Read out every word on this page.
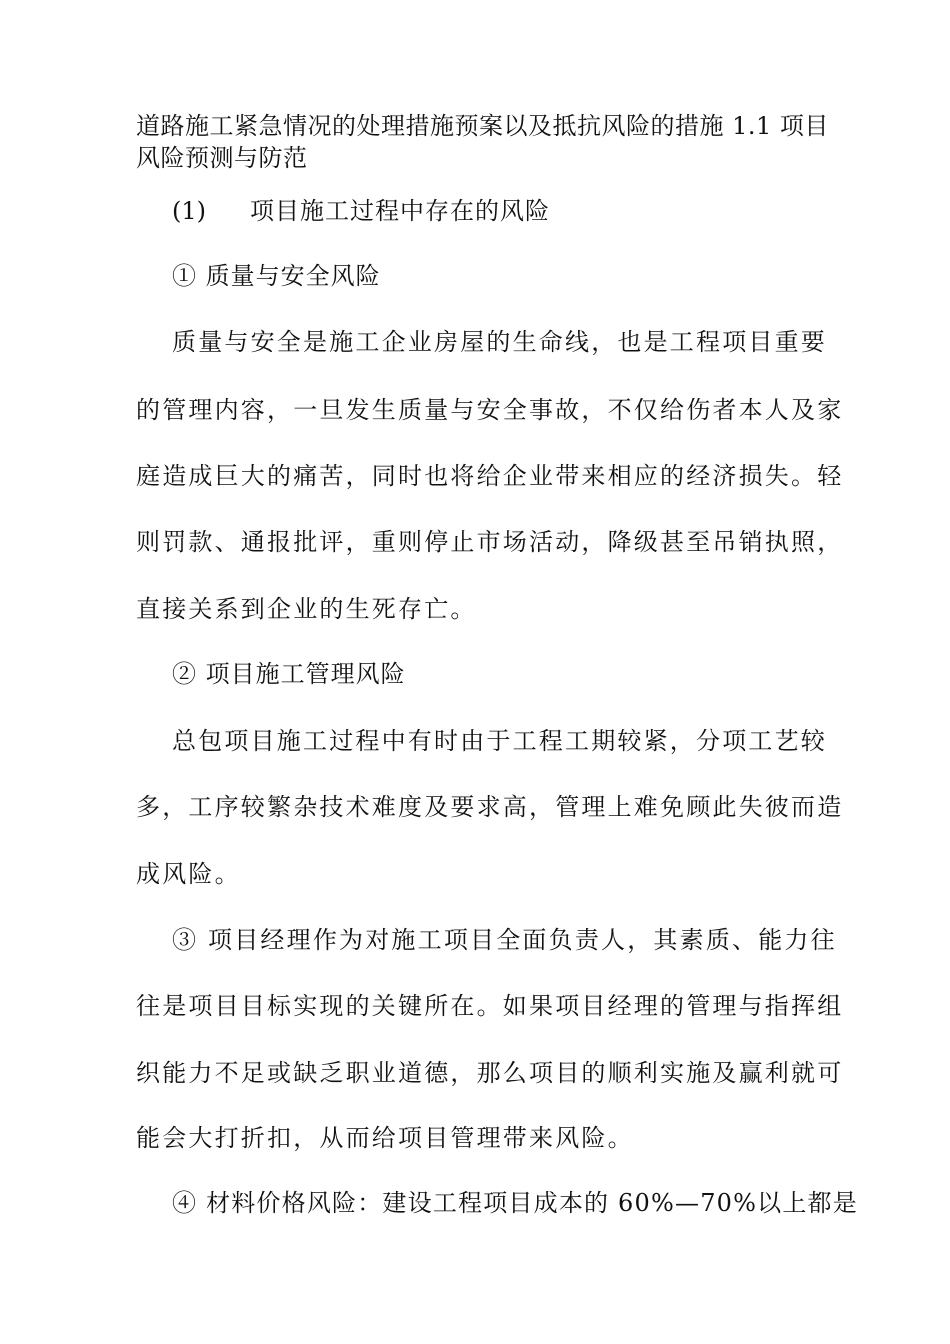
道路施工紧急情况的处理措施预案以及抵抗风险的措施 1.1 项目风险预测与防范
(1) 项目施工过程中存在的风险
① 质量与安全风险
质量与安全是施工企业房屋的生命线，也是工程项目重要
的管理内容，一旦发生质量与安全事故，不仅给伤者本人及家
庭造成巨大的痛苦，同时也将给企业带来相应的经济损失。轻
则罚款、通报批评，重则停止市场活动，降级甚至吊销执照，
直接关系到企业的生死存亡。
② 项目施工管理风险
总包项目施工过程中有时由于工程工期较紧，分项工艺较
多，工序较繁杂技术难度及要求高，管理上难免顾此失彼而造
成风险。
③ 项目经理作为对施工项目全面负责人，其素质、能力往
往是项目目标实现的关键所在。如果项目经理的管理与指挥组
织能力不足或缺乏职业道德，那么项目的顺利实施及赢利就可
能会大打折扣，从而给项目管理带来风险。
④ 材料价格风险：建设工程项目成本的 60%—70%以上都是
